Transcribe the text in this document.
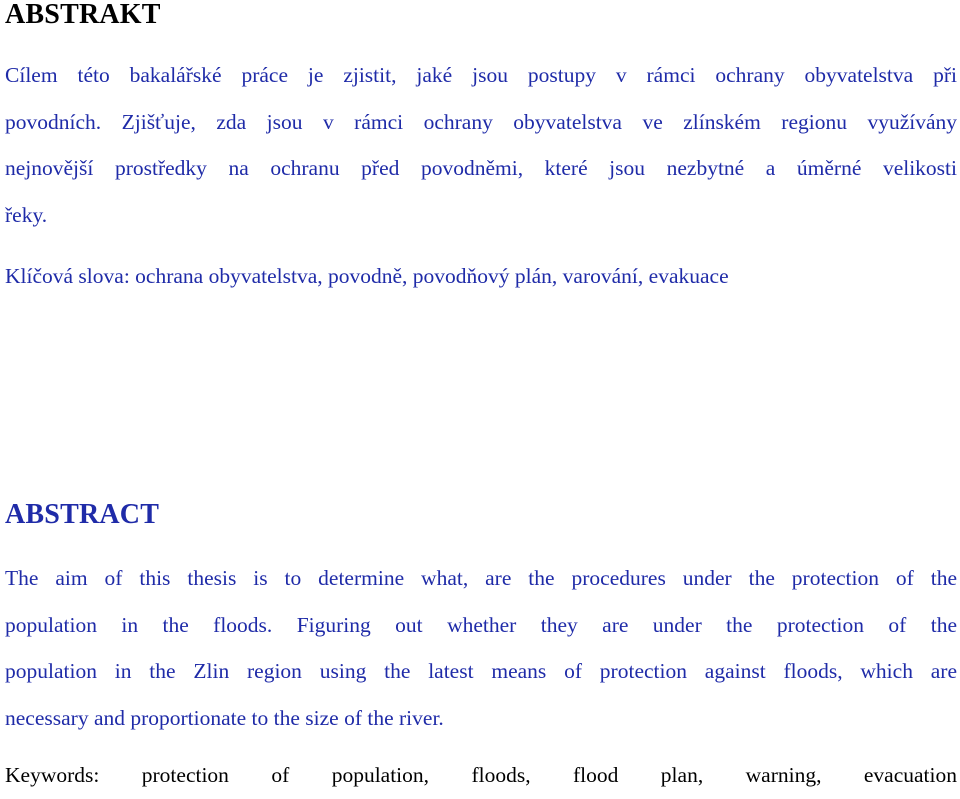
ABSTRAKT
Cílem této bakalářské práce je zjistit, jaké jsou postupy v rámci ochrany obyvatelstva při
povodních. Zjišťuje, zda jsou v rámci ochrany obyvatelstva ve zlínském regionu využívány
nejnovější prostředky na ochranu před povodněmi, které jsou nezbytné a úměrné velikosti
řeky.
Klíčová slova: ochrana obyvatelstva, povodně, povodňový plán, varování, evakuace
ABSTRACT
The aim of this thesis is to determine what, are the procedures under the protection of the
population in the floods. Figuring out whether they are under the protection of the
population in the Zlin region using the latest means of protection against floods, which are
necessary and proportionate to the size of the river.
Keywords: protection of population, floods, flood plan, warning, evacuation
